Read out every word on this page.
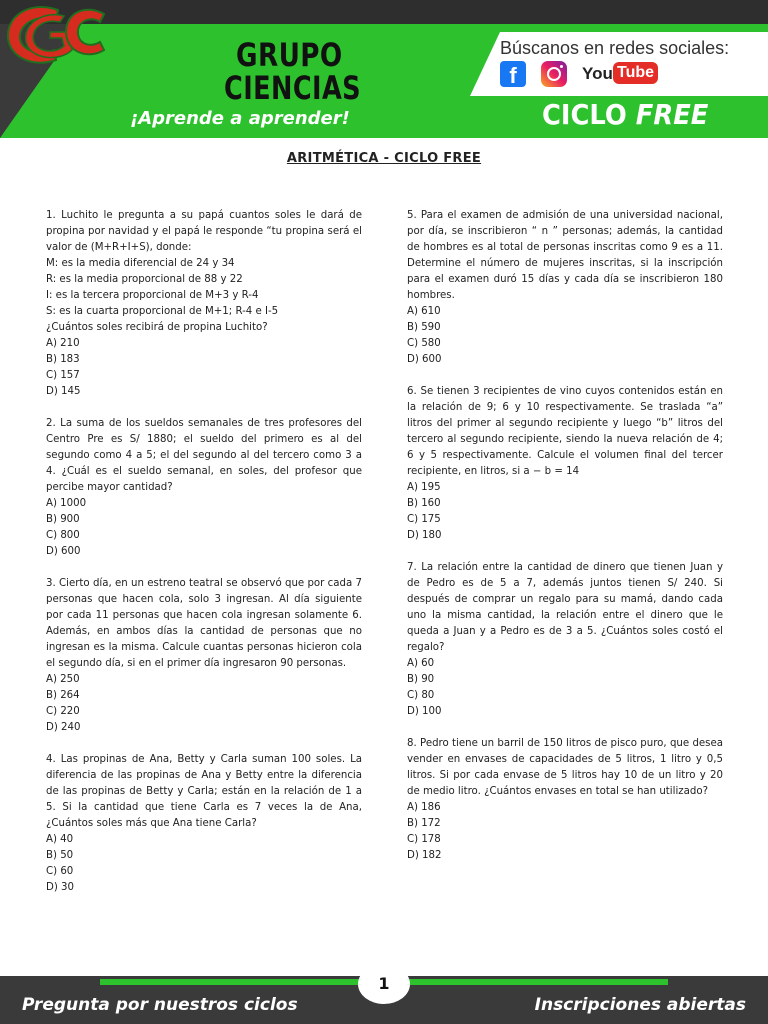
GRUPO
CIENCIAS
¡Aprende a aprender!
Búscanos en redes sociales:
f	You Tube
CICLO FREE
ARITMÉTICA - CICLO FREE

1. Luchito le pregunta a su papá cuantos soles le dará de propina por navidad y el papá le responde “tu propina será el valor de (M+R+I+S), donde:

M: es la media diferencial de 24 y 34

R: es la media proporcional de 88 y 22

I: es la tercera proporcional de M+3 y R-4

S: es la cuarta proporcional de M+1; R-4 e I-5

¿Cuántos soles recibirá de propina Luchito?

A) 210

B) 183

C) 157

D) 145

2. La suma de los sueldos semanales de tres profesores del Centro Pre es S/ 1880; el sueldo del primero es al del segundo como 4 a 5; el del segundo al del tercero como 3 a 4. ¿Cuál es el sueldo semanal, en soles, del profesor que percibe mayor cantidad?

A) 1000

B) 900

C) 800

D) 600

3. Cierto día, en un estreno teatral se observó que por cada 7 personas que hacen cola, solo 3 ingresan. Al día siguiente por cada 11 personas que hacen cola ingresan solamente 6. Además, en ambos días la cantidad de personas que no ingresan es la misma. Calcule cuantas personas hicieron cola el segundo día, si en el primer día ingresaron 90 personas.

A) 250

B) 264

C) 220

D) 240

4. Las propinas de Ana, Betty y Carla suman 100 soles. La diferencia de las propinas de Ana y Betty entre la diferencia de las propinas de Betty y Carla; están en la relación de 1 a 5. Si la cantidad que tiene Carla es 7 veces la de Ana, ¿Cuántos soles más que Ana tiene Carla?

A) 40

B) 50

C) 60

D) 30

5. Para el examen de admisión de una universidad nacional, por día, se inscribieron “ n ” personas; además, la cantidad de hombres es al total de personas inscritas como 9 es a 11. Determine el número de mujeres inscritas, si la inscripción para el examen duró 15 días y cada día se inscribieron 180 hombres.

A) 610

B) 590

C) 580

D) 600

6. Se tienen 3 recipientes de vino cuyos contenidos están en la relación de 9; 6 y 10 respectivamente. Se traslada “a” litros del primer al segundo recipiente y luego “b” litros del tercero al segundo recipiente, siendo la nueva relación de 4; 6 y 5 respectivamente. Calcule el volumen final del tercer recipiente, en litros, si a − b = 14

A) 195

B) 160

C) 175

D) 180

7. La relación entre la cantidad de dinero que tienen Juan y de Pedro es de 5 a 7, además juntos tienen S/ 240. Si después de comprar un regalo para su mamá, dando cada uno la misma cantidad, la relación entre el dinero que le queda a Juan y a Pedro es de 3 a 5. ¿Cuántos soles costó el regalo?

A) 60

B) 90

C) 80

D) 100

8. Pedro tiene un barril de 150 litros de pisco puro, que desea vender en envases de capacidades de 5 litros, 1 litro y 0,5 litros. Si por cada envase de 5 litros hay 10 de un litro y 20 de medio litro. ¿Cuántos envases en total se han utilizado?

A) 186

B) 172

C) 178

D) 182

Pregunta por nuestros ciclos	Inscripciones abiertas
1
